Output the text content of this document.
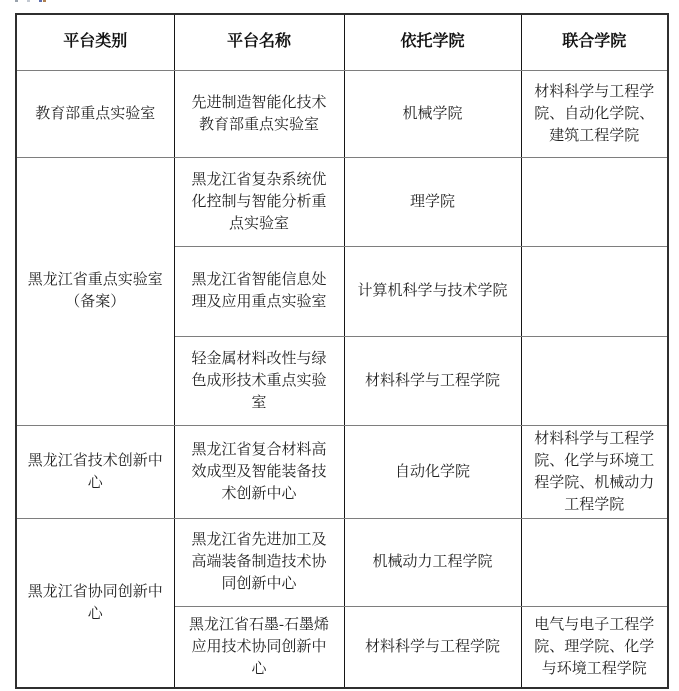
平台类别	平台名称	依托学院	联合学院
教育部重点实验室	先进制造智能化技术教育部重点实验室	机械学院	材料科学与工程学院、自动化学院、建筑工程学院
黑龙江省重点实验室（备案）	黑龙江省复杂系统优化控制与智能分析重点实验室	理学院	
	黑龙江省智能信息处理及应用重点实验室	计算机科学与技术学院	
	轻金属材料改性与绿色成形技术重点实验室	材料科学与工程学院	
黑龙江省技术创新中心	黑龙江省复合材料高效成型及智能装备技术创新中心	自动化学院	材料科学与工程学院、化学与环境工程学院、机械动力工程学院
黑龙江省协同创新中心	黑龙江省先进加工及高端装备制造技术协同创新中心	机械动力工程学院	
	黑龙江省石墨-石墨烯应用技术协同创新中心	材料科学与工程学院	电气与电子工程学院、理学院、化学与环境工程学院
